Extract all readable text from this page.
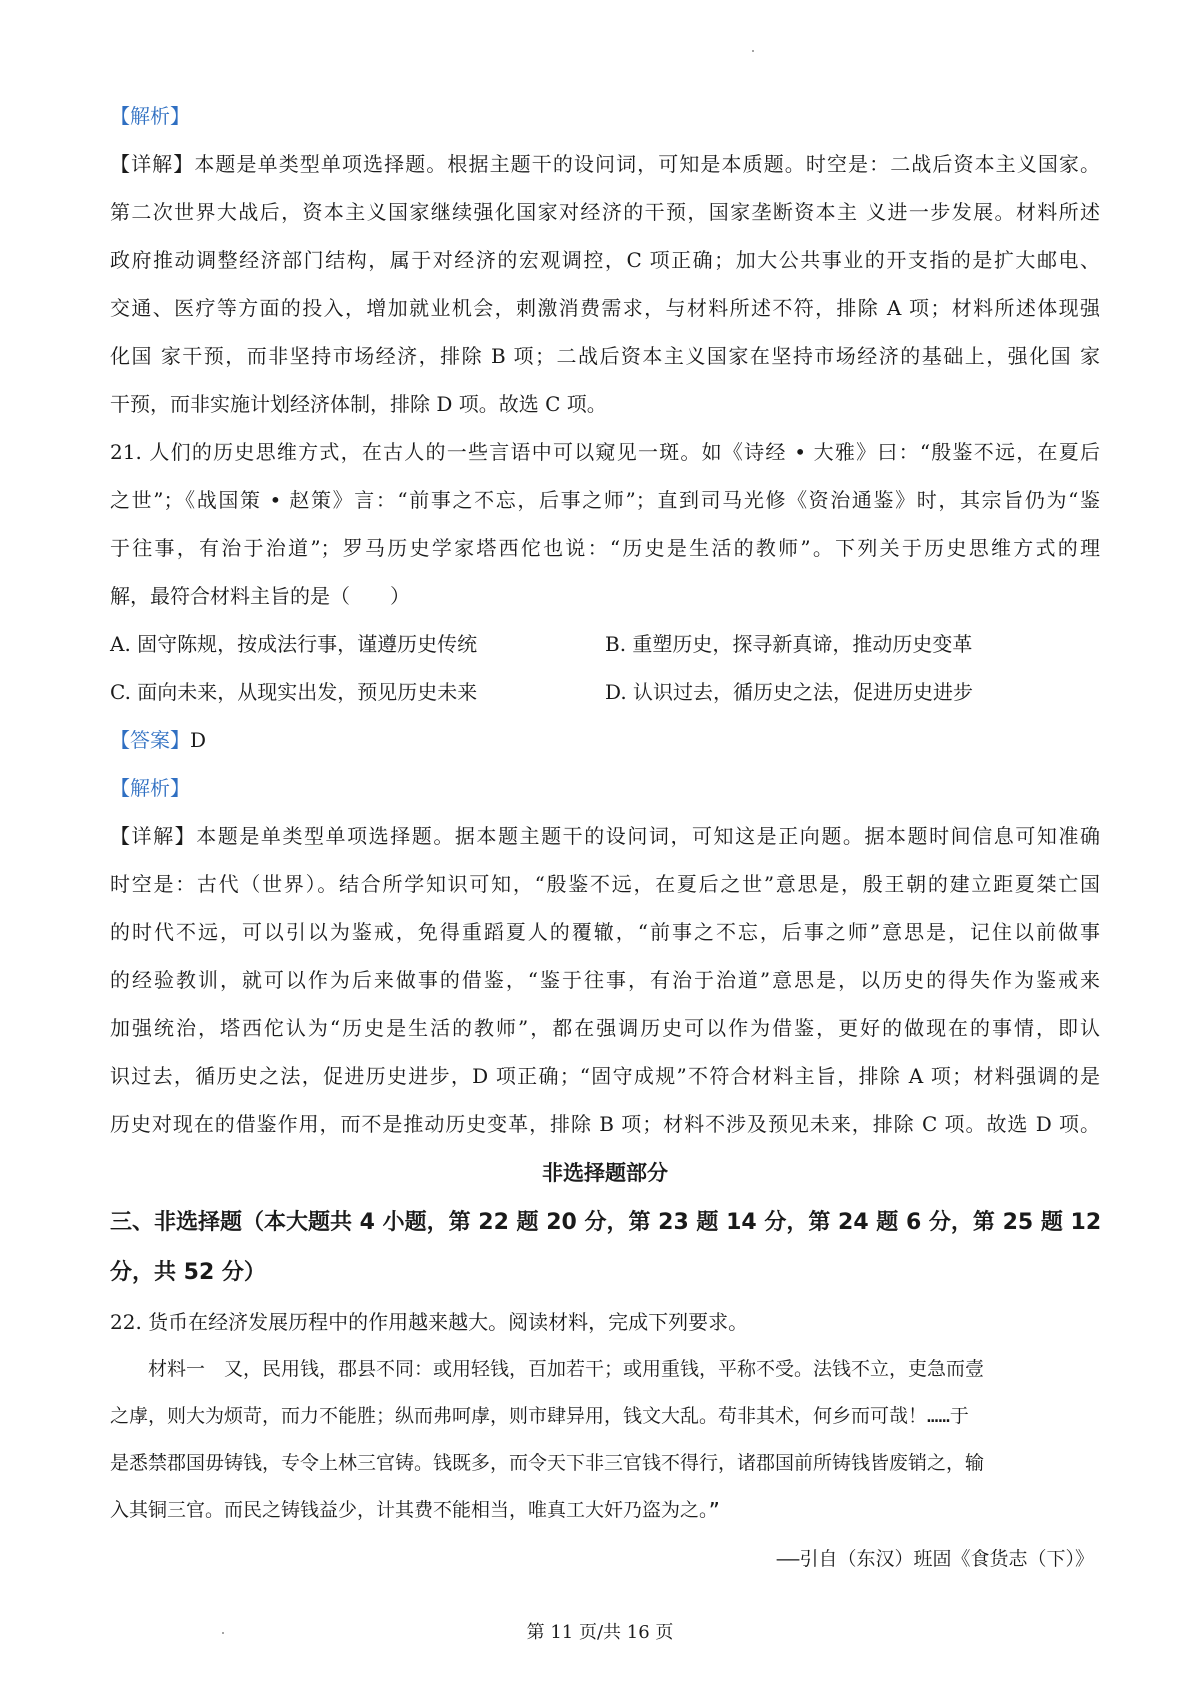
【解析】
【详解】本题是单类型单项选择题。根据主题干的设问词，可知是本质题。时空是：二战后资本主义国家。
第二次世界大战后，资本主义国家继续强化国家对经济的干预，国家垄断资本主 义进一步发展。材料所述
政府推动调整经济部门结构，属于对经济的宏观调控，C 项正确；加大公共事业的开支指的是扩大邮电、
交通、医疗等方面的投入，增加就业机会，刺激消费需求，与材料所述不符，排除 A 项；材料所述体现强
化国 家干预，而非坚持市场经济，排除 B 项；二战后资本主义国家在坚持市场经济的基础上，强化国 家
干预，而非实施计划经济体制，排除 D 项。故选 C 项。
21. 人们的历史思维方式，在古人的一些言语中可以窥见一斑。如《诗经 • 大雅》曰：“殷鉴不远，在夏后
之世”；《战国策 • 赵策》言：“前事之不忘，后事之师”；直到司马光修《资治通鉴》时，其宗旨仍为“鉴
于往事，有治于治道”；罗马历史学家塔西佗也说：“历史是生活的教师”。下列关于历史思维方式的理
解，最符合材料主旨的是（　　）
A. 固守陈规，按成法行事，谨遵历史传统	B. 重塑历史，探寻新真谛，推动历史变革
C. 面向未来，从现实出发，预见历史未来	D. 认识过去，循历史之法，促进历史进步
【答案】D
【解析】
【详解】本题是单类型单项选择题。据本题主题干的设问词，可知这是正向题。据本题时间信息可知准确
时空是：古代（世界）。结合所学知识可知，“殷鉴不远，在夏后之世”意思是，殷王朝的建立距夏桀亡国
的时代不远，可以引以为鉴戒，免得重蹈夏人的覆辙，“前事之不忘，后事之师”意思是，记住以前做事
的经验教训，就可以作为后来做事的借鉴，“鉴于往事，有治于治道”意思是，以历史的得失作为鉴戒来
加强统治，塔西佗认为“历史是生活的教师”，都在强调历史可以作为借鉴，更好的做现在的事情，即认
识过去，循历史之法，促进历史进步，D 项正确；“固守成规”不符合材料主旨，排除 A 项；材料强调的是
历史对现在的借鉴作用，而不是推动历史变革，排除 B 项；材料不涉及预见未来，排除 C 项。故选 D 项。
非选择题部分
三、非选择题（本大题共 4 小题，第 22 题 20 分，第 23 题 14 分，第 24 题 6 分，第 25 题 12
分，共 52 分）
22. 货币在经济发展历程中的作用越来越大。阅读材料，完成下列要求。
材料一　又，民用钱，郡县不同：或用轻钱，百加若干；或用重钱，平称不受。法钱不立，吏急而壹
之虖，则大为烦苛，而力不能胜；纵而弗呵虖，则市肆异用，钱文大乱。苟非其术，何乡而可哉！……于
是悉禁郡国毋铸钱，专令上林三官铸。钱既多，而令天下非三官钱不得行，诸郡国前所铸钱皆废销之，输
入其铜三官。而民之铸钱益少，计其费不能相当，唯真工大奸乃盗为之。”
——引自（东汉）班固《食货志（下）》
第 11 页/共 16 页
